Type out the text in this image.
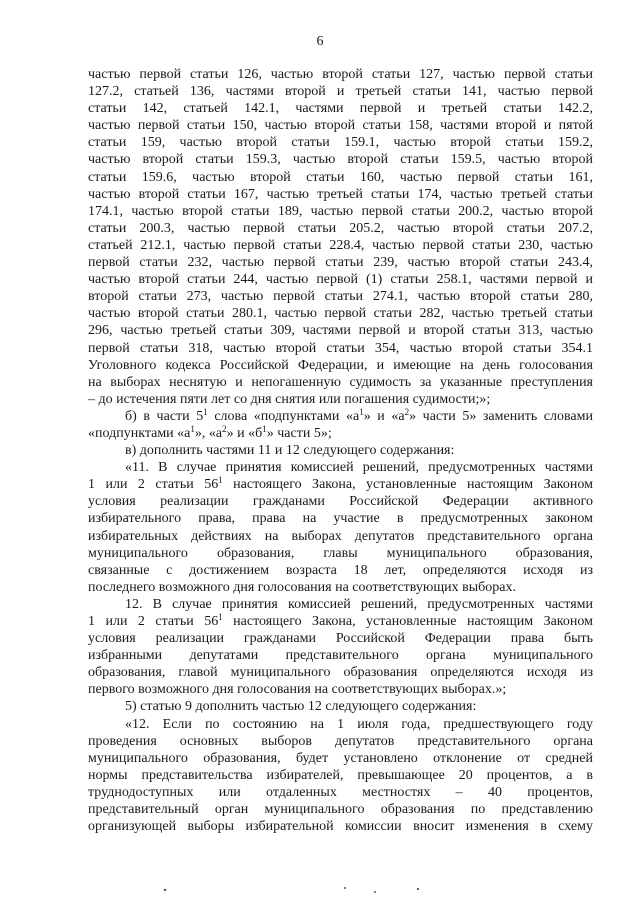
6
частью первой статьи 126, частью второй статьи 127, частью первой статьи
127.2, статьей 136, частями второй и третьей статьи 141, частью первой
статьи 142, статьей 142.1, частями первой и третьей статьи 142.2,
частью первой статьи 150, частью второй статьи 158, частями второй и пятой
статьи 159, частью второй статьи 159.1, частью второй статьи 159.2,
частью второй статьи 159.3, частью второй статьи 159.5, частью второй
статьи 159.6, частью второй статьи 160, частью первой статьи 161,
частью второй статьи 167, частью третьей статьи 174, частью третьей статьи
174.1, частью второй статьи 189, частью первой статьи 200.2, частью второй
статьи 200.3, частью первой статьи 205.2, частью второй статьи 207.2,
статьей 212.1, частью первой статьи 228.4, частью первой статьи 230, частью
первой статьи 232, частью первой статьи 239, частью второй статьи 243.4,
частью второй статьи 244, частью первой (1) статьи 258.1, частями первой и
второй статьи 273, частью первой статьи 274.1, частью второй статьи 280,
частью второй статьи 280.1, частью первой статьи 282, частью третьей статьи
296, частью третьей статьи 309, частями первой и второй статьи 313, частью
первой статьи 318, частью второй статьи 354, частью второй статьи 354.1
Уголовного кодекса Российской Федерации, и имеющие на день голосования
на выборах неснятую и непогашенную судимость за указанные преступления
– до истечения пяти лет со дня снятия или погашения судимости;»;
б) в части $5^1$ слова «подпунктами «$а^1$» и «$а^2$» части 5» заменить словами
«подпунктами «$а^1$», «$а^2$» и «$б^1$» части 5»;
в) дополнить частями 11 и 12 следующего содержания:
«11. В случае принятия комиссией решений, предусмотренных частями
1 или 2 статьи $56^1$ настоящего Закона, установленные настоящим Законом
условия реализации гражданами Российской Федерации активного
избирательного права, права на участие в предусмотренных законом
избирательных действиях на выборах депутатов представительного органа
муниципального образования, главы муниципального образования,
связанные с достижением возраста 18 лет, определяются исходя из
последнего возможного дня голосования на соответствующих выборах.
12. В случае принятия комиссией решений, предусмотренных частями
1 или 2 статьи $56^1$ настоящего Закона, установленные настоящим Законом
условия реализации гражданами Российской Федерации права быть
избранными депутатами представительного органа муниципального
образования, главой муниципального образования определяются исходя из
первого возможного дня голосования на соответствующих выборах.»;
5) статью 9 дополнить частью 12 следующего содержания:
«12. Если по состоянию на 1 июля года, предшествующего году
проведения основных выборов депутатов представительного органа
муниципального образования, будет установлено отклонение от средней
нормы представительства избирателей, превышающее 20 процентов, а в
труднодоступных или отдаленных местностях – 40 процентов,
представительный орган муниципального образования по представлению
организующей выборы избирательной комиссии вносит изменения в схему
